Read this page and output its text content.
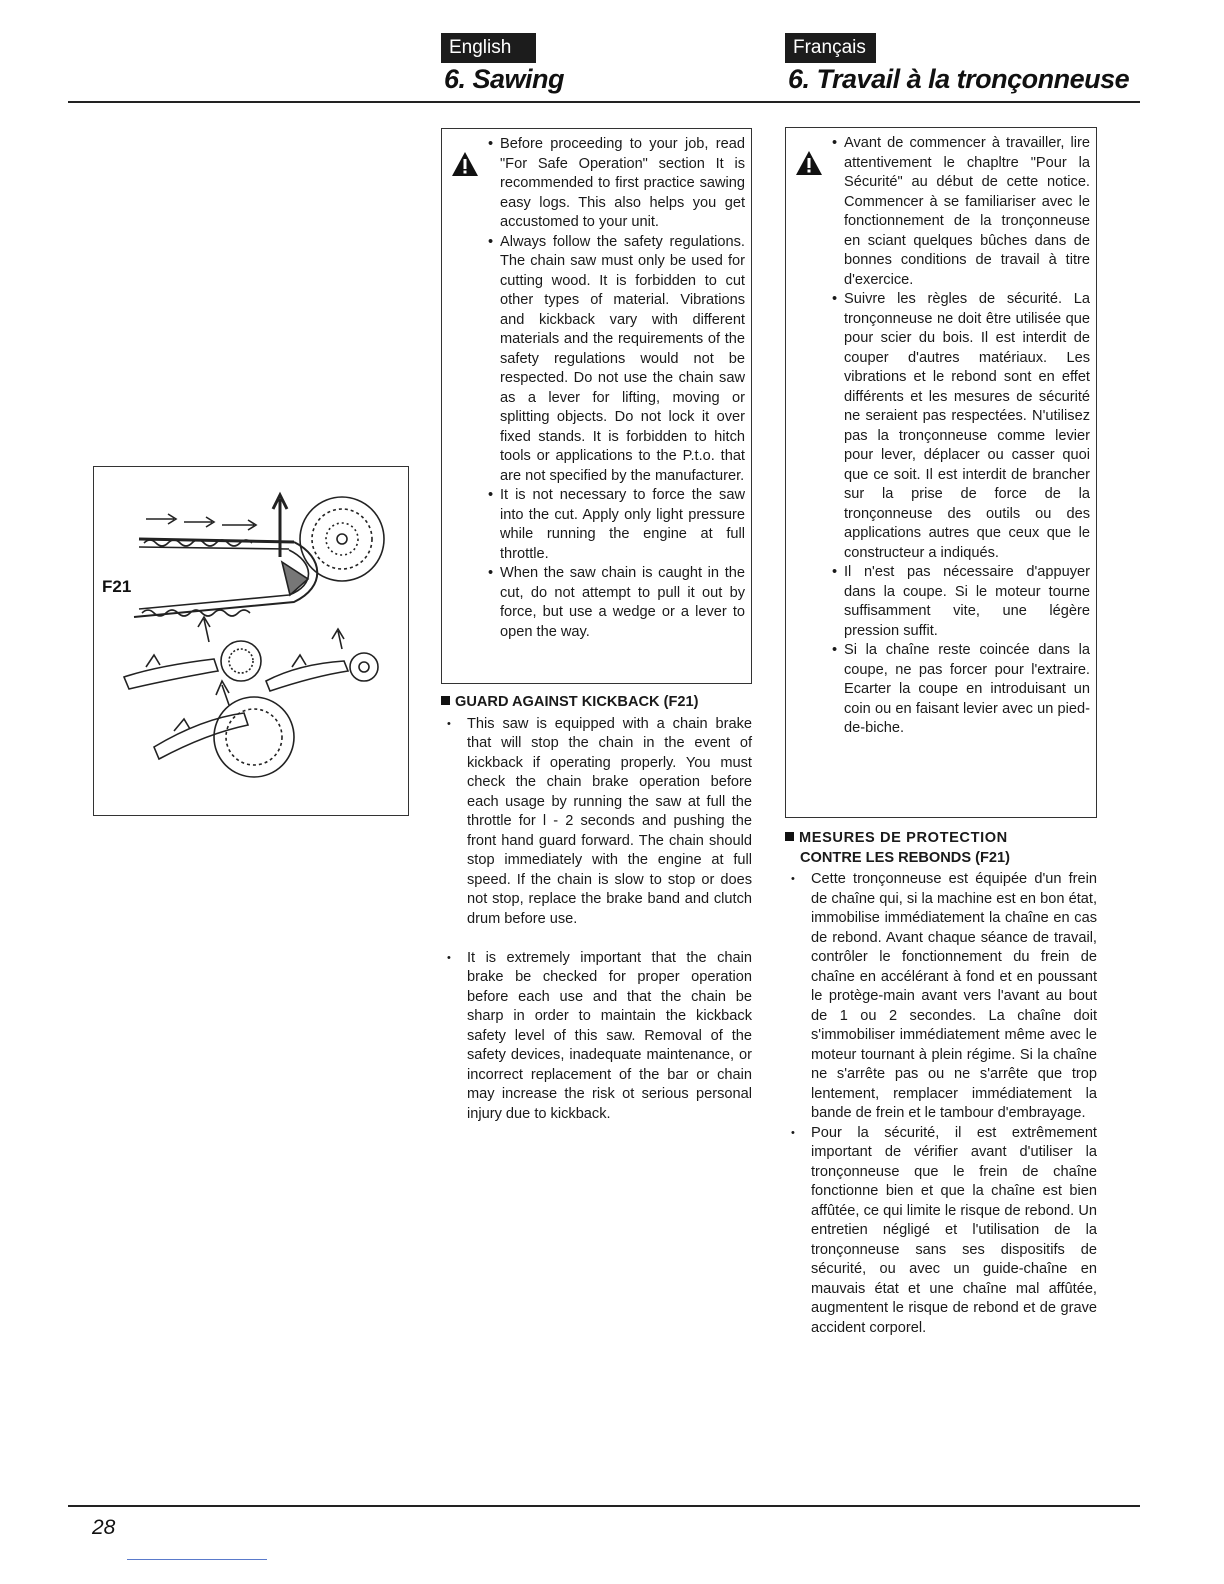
English	Français
6. Sawing	6. Travail à la tronçonneuse
F21
• Before proceeding to your job, read "For Safe Operation" section It is recommended to first practice sawing easy logs. This also helps you get accustomed to your unit.
• Always follow the safety regulations. The chain saw must only be used for cutting wood. It is forbidden to cut other types of material. Vibrations and kickback vary with different materials and the requirements of the safety regulations would not be respected. Do not use the chain saw as a lever for lifting, moving or splitting objects. Do not lock it over fixed stands. It is forbidden to hitch tools or applications to the P.t.o. that are not specified by the manufacturer.
• It is not necessary to force the saw into the cut. Apply only light pressure while running the engine at full throttle.
• When the saw chain is caught in the cut, do not attempt to pull it out by force, but use a wedge or a lever to open the way.
GUARD AGAINST KICKBACK (F21)
• This saw is equipped with a chain brake that will stop the chain in the event of kickback if operating properly. You must check the chain brake operation before each usage by running the saw at full the throttle for l - 2 seconds and pushing the front hand guard forward. The chain should stop immediately with the engine at full speed. If the chain is slow to stop or does not stop, replace the brake band and clutch drum before use.
• It is extremely important that the chain brake be checked for proper operation before each use and that the chain be sharp in order to maintain the kickback safety level of this saw. Removal of the safety devices, inadequate maintenance, or incorrect replacement of the bar or chain may increase the risk ot serious personal injury due to kickback.
• Avant de commencer à travailler, lire attentivement le chapltre "Pour la Sécurité" au début de cette notice. Commencer à se familiariser avec le fonctionnement de la tronçonneuse en sciant quelques bûches dans de bonnes conditions de travail à titre d'exercice.
• Suivre les règles de sécurité. La tronçonneuse ne doit être utilisée que pour scier du bois. Il est interdit de couper d'autres matériaux. Les vibrations et le rebond sont en effet différents et les mesures de sécurité ne seraient pas respectées. N'utilisez pas la tronçonneuse comme levier pour lever, déplacer ou casser quoi que ce soit. Il est interdit de brancher sur la prise de force de la tronçonneuse des outils ou des applications autres que ceux que le constructeur a indiqués.
• Il n'est pas nécessaire d'appuyer dans la coupe. Si le moteur tourne suffisamment vite, une légère pression suffit.
• Si la chaîne reste coincée dans la coupe, ne pas forcer pour l'extraire. Ecarter la coupe en introduisant un coin ou en faisant levier avec un pied-de-biche.
MESURES DE PROTECTION
CONTRE LES REBONDS (F21)
• Cette tronçonneuse est équipée d'un frein de chaîne qui, si la machine est en bon état, immobilise immédiatement la chaîne en cas de rebond. Avant chaque séance de travail, contrôler le fonctionnement du frein de chaîne en accélérant à fond et en poussant le protège-main avant vers l'avant au bout de 1 ou 2 secondes. La chaîne doit s'immobiliser immédiatement même avec le moteur tournant à plein régime. Si la chaîne ne s'arrête pas ou ne s'arrête que trop lentement, remplacer immédiatement la bande de frein et le tambour d'embrayage.
• Pour la sécurité, il est extrêmement important de vérifier avant d'utiliser la tronçonneuse que le frein de chaîne fonctionne bien et que la chaîne est bien affûtée, ce qui limite le risque de rebond. Un entretien négligé et l'utilisation de la tronçonneuse sans ses dispositifs de sécurité, ou avec un guide-chaîne en mauvais état et une chaîne mal affûtée, augmentent le risque de rebond et de grave accident corporel.
28
